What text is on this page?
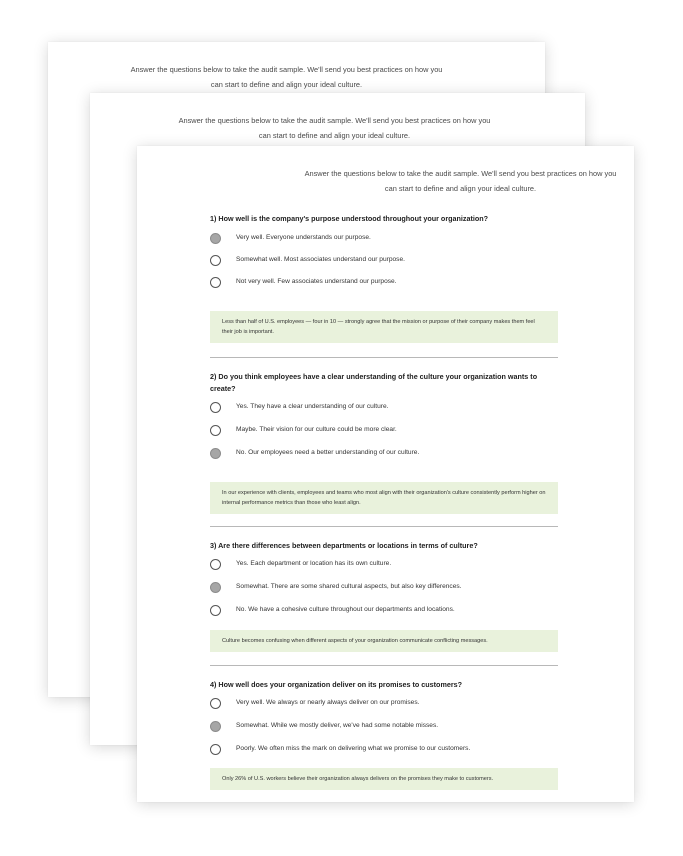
Answer the questions below to take the audit sample. We'll send you best practices on how you
can start to define and align your ideal culture.
Answer the questions below to take the audit sample. We'll send you best practices on how you
can start to define and align your ideal culture.
Answer the questions below to take the audit sample. We'll send you best practices on how you
can start to define and align your ideal culture.
1) How well is the company's purpose understood throughout your organization?
Very well. Everyone understands our purpose.
Somewhat well. Most associates understand our purpose.
Not very well. Few associates understand our purpose.
Less than half of U.S. employees — four in 10 — strongly agree that the mission or purpose of their company makes them feel their job is important.
2) Do you think employees have a clear understanding of the culture your organization wants to create?
Yes. They have a clear understanding of our culture.
Maybe. Their vision for our culture could be more clear.
No. Our employees need a better understanding of our culture.
In our experience with clients, employees and teams who most align with their organization's culture consistently perform higher on internal performance metrics than those who least align.
3) Are there differences between departments or locations in terms of culture?
Yes. Each department or location has its own culture.
Somewhat. There are some shared cultural aspects, but also key differences.
No. We have a cohesive culture throughout our departments and locations.
Culture becomes confusing when different aspects of your organization communicate conflicting messages.
4) How well does your organization deliver on its promises to customers?
Very well. We always or nearly always deliver on our promises.
Somewhat. While we mostly deliver, we've had some notable misses.
Poorly. We often miss the mark on delivering what we promise to our customers.
Only 26% of U.S. workers believe their organization always delivers on the promises they make to customers.
